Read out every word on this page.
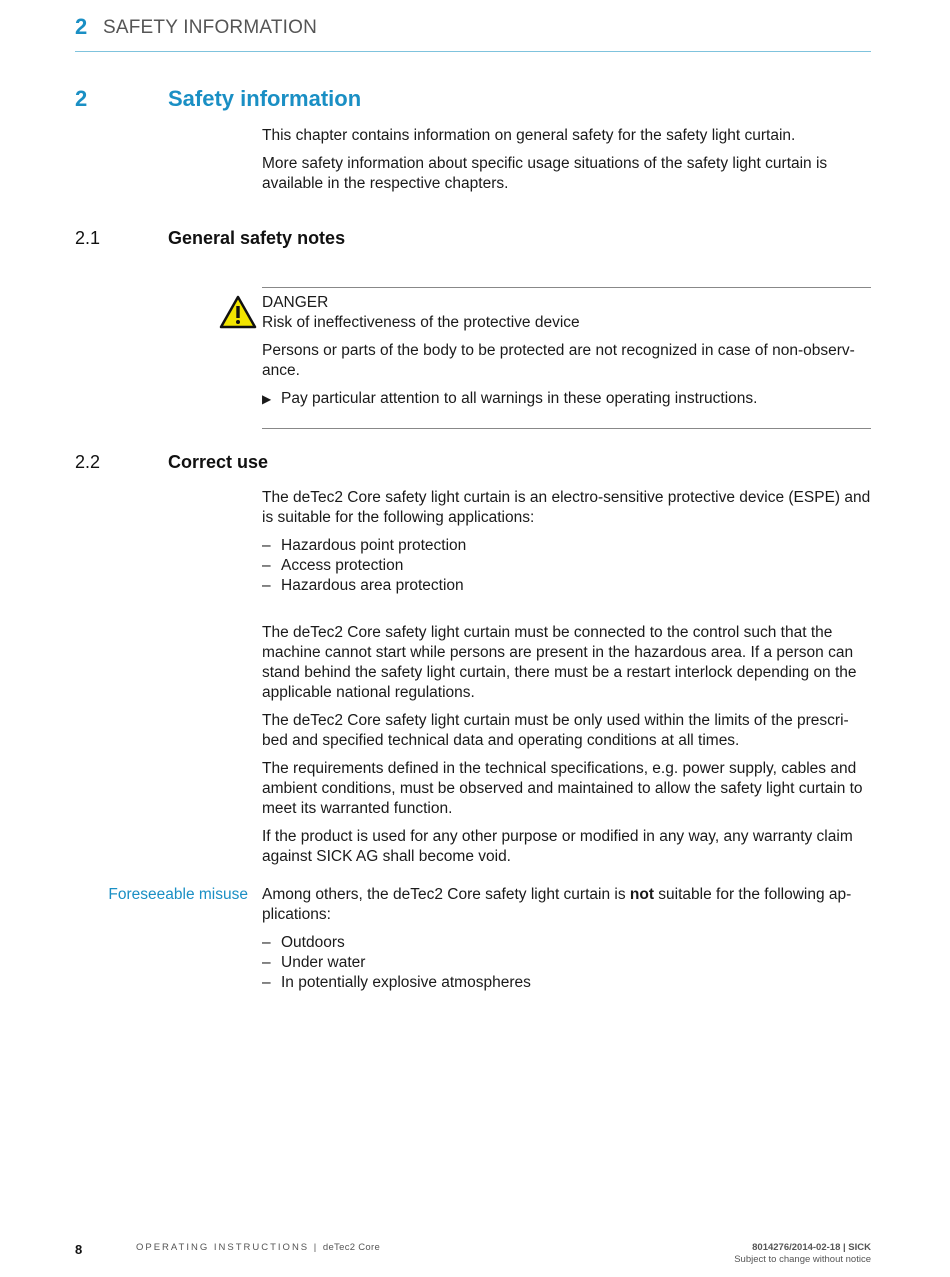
2 SAFETY INFORMATION
2	Safety information

This chapter contains information on general safety for the safety light curtain.

More safety information about specific usage situations of the safety light curtain is available in the respective chapters.

2.1	General safety notes
DANGER
Risk of ineffectiveness of the protective device

Persons or parts of the body to be protected are not recognized in case of non-observ-ance.

▶ Pay particular attention to all warnings in these operating instructions.
2.2	Correct use

The deTec2 Core safety light curtain is an electro-sensitive protective device (ESPE) and is suitable for the following applications:

– Hazardous point protection
– Access protection
– Hazardous area protection

The deTec2 Core safety light curtain must be connected to the control such that the machine cannot start while persons are present in the hazardous area. If a person can stand behind the safety light curtain, there must be a restart interlock depending on the applicable national regulations.

The deTec2 Core safety light curtain must be only used within the limits of the prescri-bed and specified technical data and operating conditions at all times.

The requirements defined in the technical specifications, e.g. power supply, cables and ambient conditions, must be observed and maintained to allow the safety light curtain to meet its warranted function.

If the product is used for any other purpose or modified in any way, any warranty claim against SICK AG shall become void.

Foreseeable misuse Among others, the deTec2 Core safety light curtain is not suitable for the following ap-plications:

– Outdoors
– Under water
– In potentially explosive atmospheres
8	OPERATING INSTRUCTIONS | deTec2 Core	8014276/2014-02-18 | SICK
Subject to change without notice
